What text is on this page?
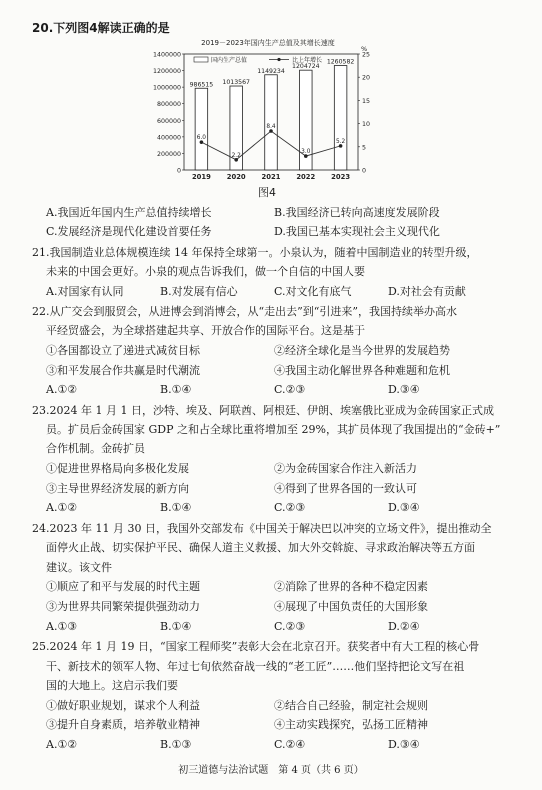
20.下列图4解读正确的是
2019－2023年国内生产总值及其增长速度
1400000
1200000
1000000
800000
600000
400000
200000
0
25
20
15
10
5
0
%
国内生产总值	比上年增长
986515
2019
1013567
2020
1149234
2021
1204724
2022
1260582
2023
6.0
2.2
8.4
3.0
5.2
图4
A.我国近年国内生产总值持续增长	B.我国经济已转向高速度发展阶段
C.发展经济是现代化建设首要任务	D.我国已基本实现社会主义现代化
21.我国制造业总体规模连续 14 年保持全球第一。小泉认为，随着中国制造业的转型升级，
未来的中国会更好。小泉的观点告诉我们，做一个自信的中国人要
A.对国家有认同	B.对发展有信心	C.对文化有底气	D.对社会有贡献
22.从广交会到服贸会，从进博会到消博会，从“走出去”到“引进来”，我国持续举办高水
平经贸盛会，为全球搭建起共享、开放合作的国际平台。这是基于
①各国都设立了递进式减贫目标	②经济全球化是当今世界的发展趋势
③和平发展合作共赢是时代潮流	④我国主动化解世界各种难题和危机
A.①②	B.①④	C.②③	D.③④
23.2024 年 1 月 1 日，沙特、埃及、阿联酋、阿根廷、伊朗、埃塞俄比亚成为金砖国家正式成
员。扩员后金砖国家 GDP 之和占全球比重将增加至 29%，其扩员体现了我国提出的“金砖+”
合作机制。金砖扩员
①促进世界格局向多极化发展	②为金砖国家合作注入新活力
③主导世界经济发展的新方向	④得到了世界各国的一致认可
A.①②	B.①④	C.②③	D.③④
24.2023 年 11 月 30 日，我国外交部发布《中国关于解决巴以冲突的立场文件》，提出推动全
面停火止战、切实保护平民、确保人道主义救援、加大外交斡旋、寻求政治解决等五方面
建议。该文件
①顺应了和平与发展的时代主题	②消除了世界的各种不稳定因素
③为世界共同繁荣提供强劲动力	④展现了中国负责任的大国形象
A.①③	B.①④	C.②③	D.②④
25.2024 年 1 月 19 日，“国家工程师奖”表彰大会在北京召开。获奖者中有大工程的核心骨
干、新技术的领军人物、年过七旬依然奋战一线的“老工匠”……他们坚持把论文写在祖
国的大地上。这启示我们要
①做好职业规划，谋求个人利益	②结合自己经验，制定社会规则
③提升自身素质，培养敬业精神	④主动实践探究，弘扬工匠精神
A.①②	B.①③	C.②④	D.③④
初三道德与法治试题　第 4 页（共 6 页）
